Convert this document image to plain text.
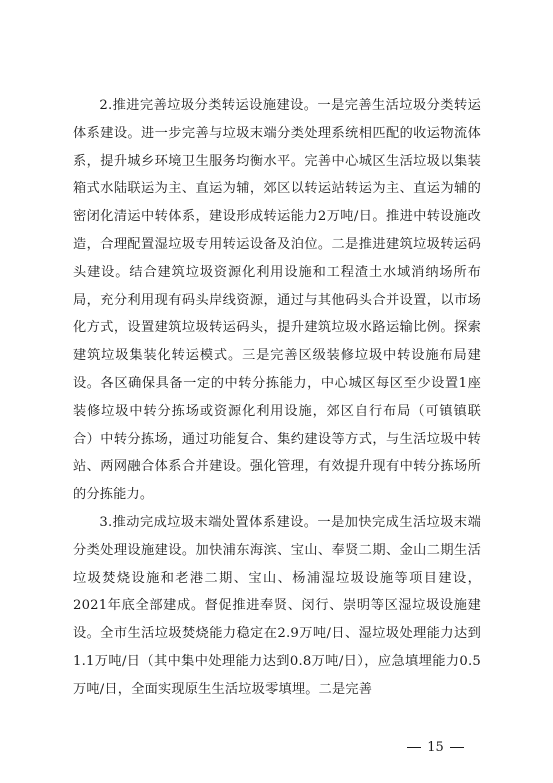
2.推进完善垃圾分类转运设施建设。一是完善生活垃圾分类转运体系建设。进一步完善与垃圾末端分类处理系统相匹配的收运物流体系，提升城乡环境卫生服务均衡水平。完善中心城区生活垃圾以集装箱式水陆联运为主、直运为辅，郊区以转运站转运为主、直运为辅的密闭化清运中转体系，建设形成转运能力2万吨/日。推进中转设施改造，合理配置湿垃圾专用转运设备及泊位。二是推进建筑垃圾转运码头建设。结合建筑垃圾资源化利用设施和工程渣土水域消纳场所布局，充分利用现有码头岸线资源，通过与其他码头合并设置，以市场化方式，设置建筑垃圾转运码头，提升建筑垃圾水路运输比例。探索建筑垃圾集装化转运模式。三是完善区级装修垃圾中转设施布局建设。各区确保具备一定的中转分拣能力，中心城区每区至少设置1座装修垃圾中转分拣场或资源化利用设施，郊区自行布局（可镇镇联合）中转分拣场，通过功能复合、集约建设等方式，与生活垃圾中转站、两网融合体系合并建设。强化管理，有效提升现有中转分拣场所的分拣能力。

3.推动完成垃圾末端处置体系建设。一是加快完成生活垃圾末端分类处理设施建设。加快浦东海滨、宝山、奉贤二期、金山二期生活垃圾焚烧设施和老港二期、宝山、杨浦湿垃圾设施等项目建设，2021年底全部建成。督促推进奉贤、闵行、崇明等区湿垃圾设施建设。全市生活垃圾焚烧能力稳定在2.9万吨/日、湿垃圾处理能力达到1.1万吨/日（其中集中处理能力达到0.8万吨/日），应急填埋能力0.5万吨/日，全面实现原生生活垃圾零填埋。二是完善

15
